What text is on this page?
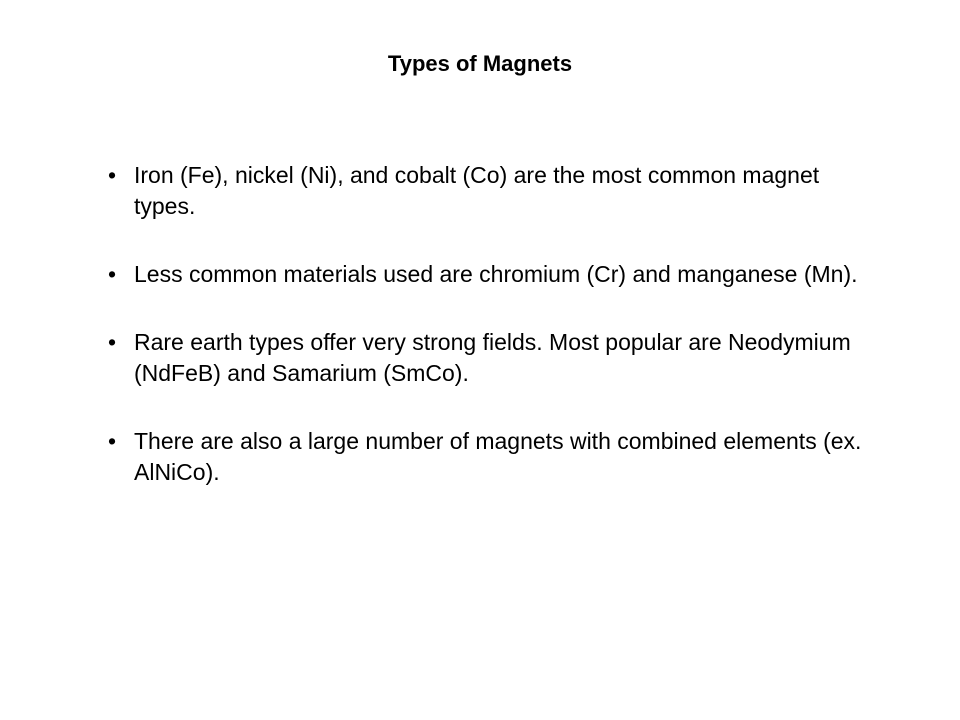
Types of Magnets
• Iron (Fe), nickel (Ni), and cobalt (Co) are the most common magnet types.
• Less common materials used are chromium (Cr) and manganese (Mn).
• Rare earth types offer very strong fields. Most popular are Neodymium (NdFeB) and Samarium (SmCo).
• There are also a large number of magnets with combined elements (ex. AlNiCo).
